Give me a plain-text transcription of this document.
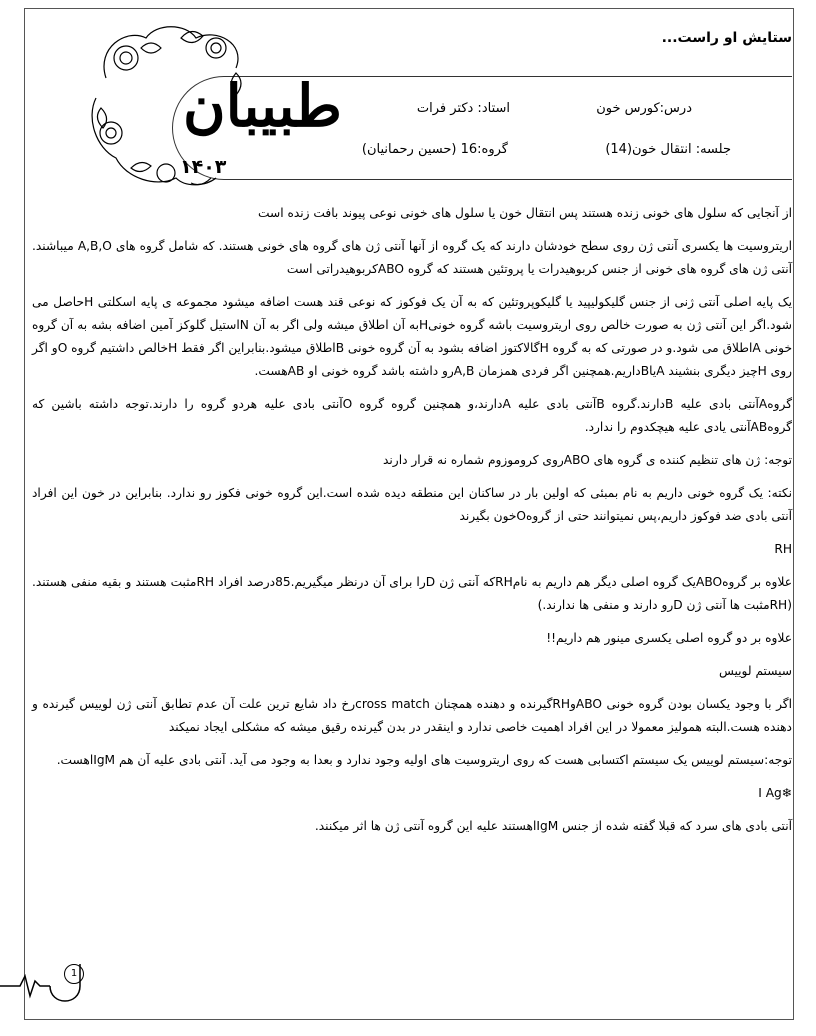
ستایش او راست...
درس:کورس خون
استاد: دکتر فرات
جلسه: انتقال خون(14)
گروه:16 (حسین رحمانیان)
طبیبان
۱۴۰۳

از آنجایی که سلول های خونی زنده هستند پس انتقال خون یا سلول های خونی نوعی پیوند بافت زنده است

اریتروسیت ها یکسری آنتی ژن روی سطح خودشان دارند که یک گروه از آنها آنتی ژن های گروه های خونی هستند. که شامل گروه های A,B,O میباشند. آنتی ژن های گروه های خونی از جنس کربوهیدرات یا پروتئین هستند که گروه ABOکربوهیدراتی است

یک پایه اصلی آنتی ژنی از جنس گلیکولیپید یا گلیکوپروتئین که به آن یک فوکوز که نوعی قند هست اضافه میشود مجموعه ی پایه اسکلتی Hحاصل می شود.اگر این آنتی ژن به صورت خالص روی اریتروسیت باشه گروه خونیHبه آن اطلاق میشه ولی اگر به آن Nاستیل گلوکز آمین اضافه بشه به آن گروه خونی Aاطلاق می شود.و در صورتی که به گروه Hگالاکتوز اضافه بشود به آن گروه خونی Bاطلاق میشود.بنابراین اگر فقط Hخالص داشتیم گروه Oو اگر روی Hچیز دیگری بنشیند AیاBداریم.همچنین اگر فردی همزمان A,Bرو داشته باشد گروه خونی او ABهست.

گروهAآنتی بادی علیه Bدارند.گروه Bآنتی بادی علیه Aدارند،و همچنین گروه گروه Oآنتی بادی علیه هردو گروه را دارند.توجه داشته باشین که گروهABآنتی یادی علیه هیچکدوم را ندارد.

توجه: ژن های تنظیم کننده ی گروه های ABOروی کروموزوم شماره نه قرار دارند

نکته: یک گروه خونی داریم به نام بمبئی که اولین بار در ساکنان این منطقه دیده شده است.این گروه خونی فکوز رو ندارد. بنابراین در خون این افراد آنتی بادی ضد فوکوز داریم،پس نمیتوانند حتی از گروهOخون بگیرند

RH

علاوه بر گروهABOیک گروه اصلی دیگر هم داریم به نامRHکه آنتی ژن Dرا برای آن درنظر میگیریم.85درصد افراد RHمثبت هستند و بقیه منفی هستند.(RHمثبت ها آنتی ژن Dرو دارند و منفی ها ندارند.)

علاوه بر دو گروه اصلی یکسری مینور هم داریم!!

سیستم لوییس

اگر با وجود یکسان بودن گروه خونی ABOوRHگیرنده و دهنده همچنان cross matchرخ داد شایع ترین علت آن عدم تطابق آنتی ژن لوییس گیرنده و دهنده هست.البته همولیز معمولا در این افراد اهمیت خاصی ندارد و اینقدر در بدن گیرنده رقیق میشه که مشکلی ایجاد نمیکند

توجه:سیستم لوییس یک سیستم اکتسابی هست که روی اریتروسیت های اولیه وجود ندارد و بعدا به وجود می آید. آنتی بادی علیه آن هم IgMاهست.

❄I Ag

آنتی بادی های سرد که قبلا گفته شده از جنس IgMاهستند علیه این گروه آنتی ژن ها اثر میکنند.

1
